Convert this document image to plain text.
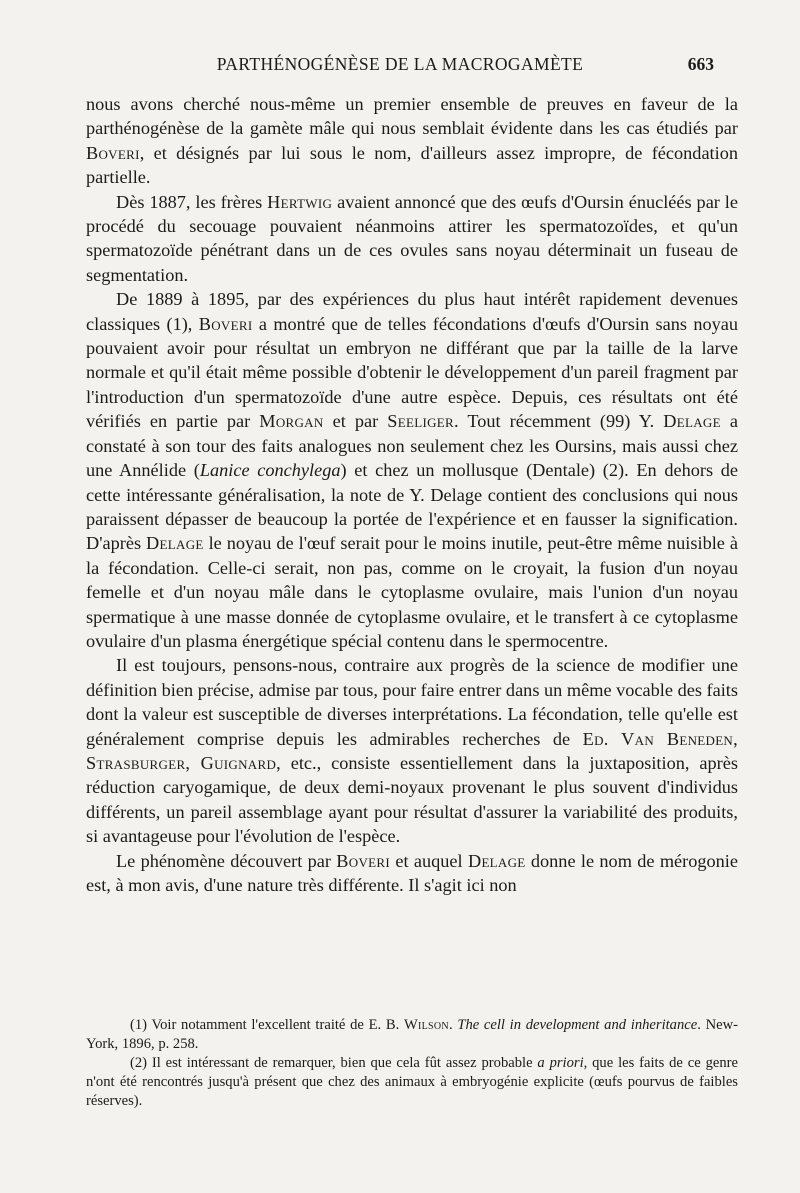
PARTHÉNOGÉNÈSE DE LA MACROGAMÈTE	663

nous avons cherché nous-même un premier ensemble de preuves en faveur de la parthénogénèse de la gamète mâle qui nous semblait évidente dans les cas étudiés par Boveri, et désignés par lui sous le nom, d'ailleurs assez impropre, de fécondation partielle.

Dès 1887, les frères Hertwig avaient annoncé que des œufs d'Oursin énucléés par le procédé du secouage pouvaient néanmoins attirer les spermatozoïdes, et qu'un spermatozoïde pénétrant dans un de ces ovules sans noyau déterminait un fuseau de segmentation.

De 1889 à 1895, par des expériences du plus haut intérêt rapidement devenues classiques (1), Boveri a montré que de telles fécondations d'œufs d'Oursin sans noyau pouvaient avoir pour résultat un embryon ne différant que par la taille de la larve normale et qu'il était même possible d'obtenir le développement d'un pareil fragment par l'introduction d'un spermatozoïde d'une autre espèce. Depuis, ces résultats ont été vérifiés en partie par Morgan et par Seeliger. Tout récemment (99) Y. Delage a constaté à son tour des faits analogues non seulement chez les Oursins, mais aussi chez une Annélide (Lanice conchylega) et chez un mollusque (Dentale) (2). En dehors de cette intéressante généralisation, la note de Y. Delage contient des conclusions qui nous paraissent dépasser de beaucoup la portée de l'expérience et en fausser la signification. D'après Delage le noyau de l'œuf serait pour le moins inutile, peut-être même nuisible à la fécondation. Celle-ci serait, non pas, comme on le croyait, la fusion d'un noyau femelle et d'un noyau mâle dans le cytoplasme ovulaire, mais l'union d'un noyau spermatique à une masse donnée de cytoplasme ovulaire, et le transfert à ce cytoplasme ovulaire d'un plasma énergétique spécial contenu dans le spermocentre.

Il est toujours, pensons-nous, contraire aux progrès de la science de modifier une définition bien précise, admise par tous, pour faire entrer dans un même vocable des faits dont la valeur est susceptible de diverses interprétations. La fécondation, telle qu'elle est généralement comprise depuis les admirables recherches de Ed. Van Beneden, Strasburger, Guignard, etc., consiste essentiellement dans la juxtaposition, après réduction caryogamique, de deux demi-noyaux provenant le plus souvent d'individus différents, un pareil assemblage ayant pour résultat d'assurer la variabilité des produits, si avantageuse pour l'évolution de l'espèce.

Le phénomène découvert par Boveri et auquel Delage donne le nom de mérogonie est, à mon avis, d'une nature très différente. Il s'agit ici non

(1) Voir notamment l'excellent traité de E. B. Wilson. The cell in development and inheritance. New-York, 1896, p. 258.

(2) Il est intéressant de remarquer, bien que cela fût assez probable a priori, que les faits de ce genre n'ont été rencontrés jusqu'à présent que chez des animaux à embryogénie explicite (œufs pourvus de faibles réserves).
